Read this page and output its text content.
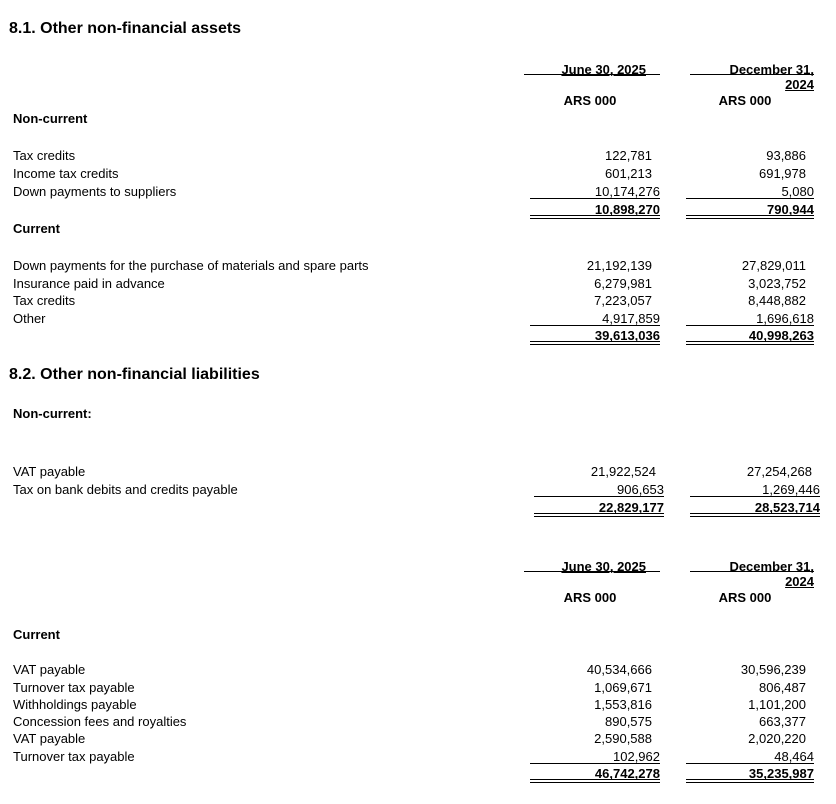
8.1. Other non-financial assets
June 30, 2025	December 31,
2024
ARS 000	ARS 000
Non-current
Tax credits	122,781	93,886
Income tax credits	601,213	691,978
Down payments to suppliers	10,174,276	5,080
10,898,270	790,944
Current
Down payments for the purchase of materials and spare parts	21,192,139	27,829,011
Insurance paid in advance	6,279,981	3,023,752
Tax credits	7,223,057	8,448,882
Other	4,917,859	1,696,618
39,613,036	40,998,263
8.2. Other non-financial liabilities
Non-current:
VAT payable	21,922,524	27,254,268
Tax on bank debits and credits payable	906,653	1,269,446
22,829,177	28,523,714
June 30, 2025	December 31,
2024
ARS 000	ARS 000
Current
VAT payable	40,534,666	30,596,239
Turnover tax payable	1,069,671	806,487
Withholdings payable	1,553,816	1,101,200
Concession fees and royalties	890,575	663,377
VAT payable	2,590,588	2,020,220
Turnover tax payable	102,962	48,464
46,742,278	35,235,987
